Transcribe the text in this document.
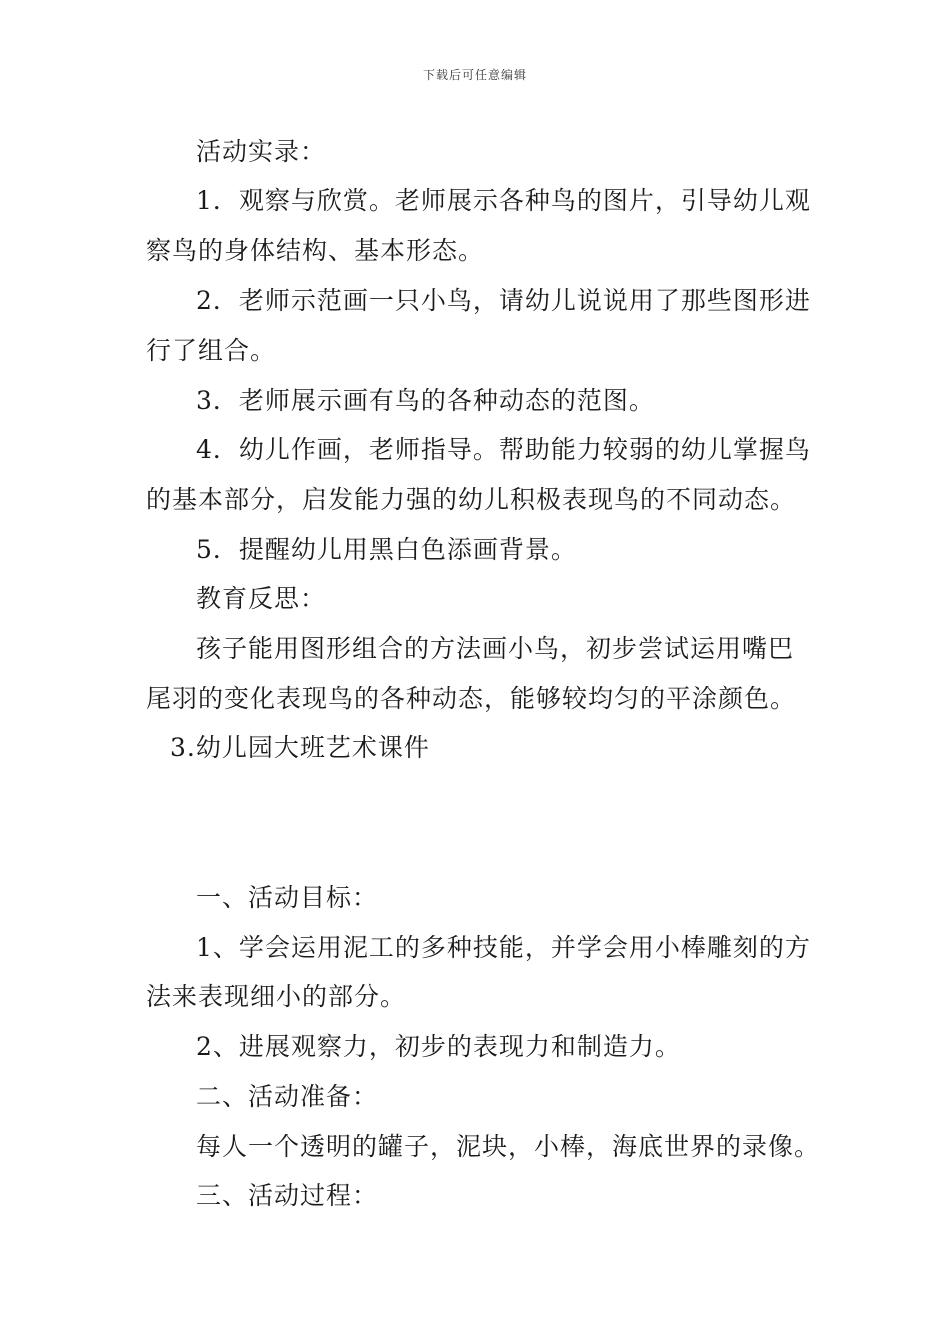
下载后可任意编辑
活动实录：
1．观察与欣赏。老师展示各种鸟的图片，引导幼儿观
察鸟的身体结构、基本形态。
2．老师示范画一只小鸟，请幼儿说说用了那些图形进
行了组合。
3．老师展示画有鸟的各种动态的范图。
4．幼儿作画，老师指导。帮助能力较弱的幼儿掌握鸟
的基本部分，启发能力强的幼儿积极表现鸟的不同动态。
5．提醒幼儿用黑白色添画背景。
教育反思：
孩子能用图形组合的方法画小鸟，初步尝试运用嘴巴
尾羽的变化表现鸟的各种动态，能够较均匀的平涂颜色。
3.幼儿园大班艺术课件
一、活动目标：
1、学会运用泥工的多种技能，并学会用小棒雕刻的方
法来表现细小的部分。
2、进展观察力，初步的表现力和制造力。
二、活动准备：
每人一个透明的罐子，泥块，小棒，海底世界的录像。
三、活动过程：
